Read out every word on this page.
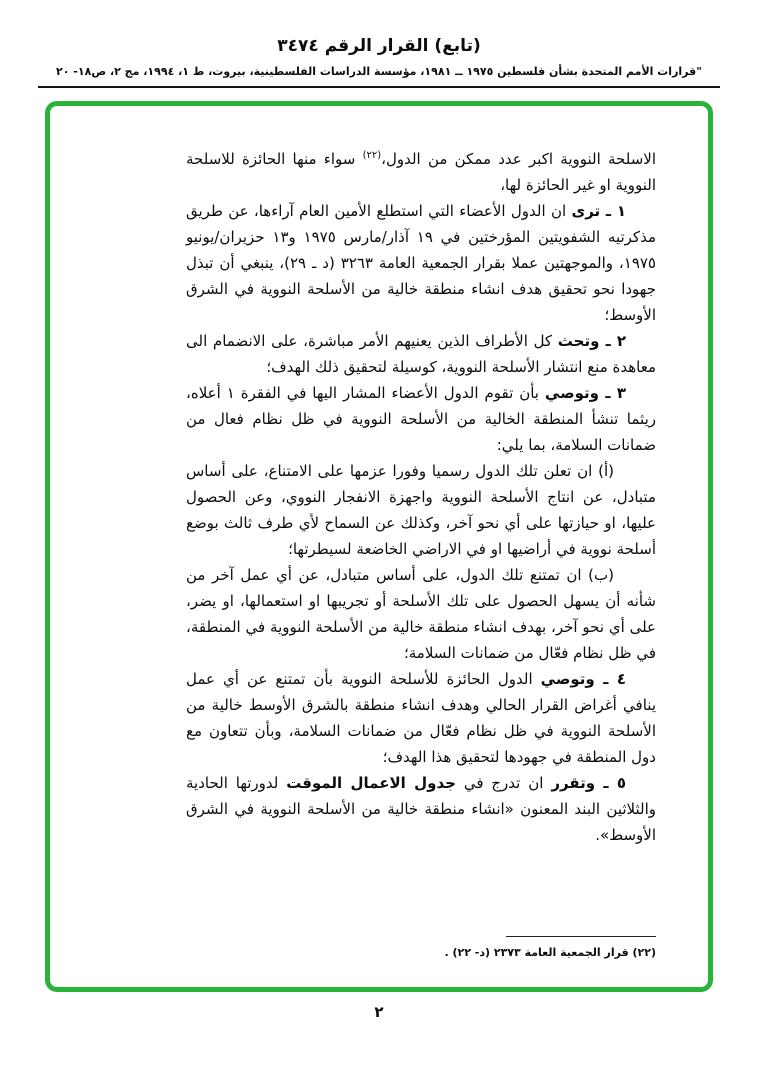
(تابع) القرار الرقم ٣٤٧٤
"قرارات الأمم المتحدة بشأن فلسطين ١٩٧٥ ــ ١٩٨١، مؤسسة الدراسات الفلسطينية، بيروت، ط ١، ١٩٩٤، مج ٢، ص١٨- ٢٠

الاسلحة النووية اكبر عدد ممكن من الدول،$^{(٢٢)}$ سواء منها الحائزة للاسلحة النووية او غير الحائزة لها،

١ ـ ترى ان الدول الأعضاء التي استطلع الأمين العام آراءها، عن طريق مذكرتيه الشفويتين المؤرختين في ١٩ آذار/مارس ١٩٧٥ و١٣ حزيران/يونيو ١٩٧٥، والموجهتين عملا بقرار الجمعية العامة ٣٢٦٣ (د ـ ٢٩)، ينبغي أن تبذل جهودا نحو تحقيق هدف انشاء منطقة خالية من الأسلحة النووية في الشرق الأوسط؛

٢ ـ وتحث كل الأطراف الذين يعنيهم الأمر مباشرة، على الانضمام الى معاهدة منع انتشار الأسلحة النووية، كوسيلة لتحقيق ذلك الهدف؛

٣ ـ وتوصي بأن تقوم الدول الأعضاء المشار اليها في الفقرة ١ أعلاه، ريثما تنشأ المنطقة الخالية من الأسلحة النووية في ظل نظام فعال من ضمانات السلامة، بما يلي:

(أ) ان تعلن تلك الدول رسميا وفورا عزمها على الامتناع، على أساس متبادل، عن انتاج الأسلحة النووية واجهزة الانفجار النووي، وعن الحصول عليها، او حيازتها على أي نحو آخر، وكذلك عن السماح لأي طرف ثالث بوضع أسلحة نووية في أراضيها او في الاراضي الخاضعة لسيطرتها؛

(ب) ان تمتنع تلك الدول، على أساس متبادل، عن أي عمل آخر من شأنه أن يسهل الحصول على تلك الأسلحة أو تجريبها او استعمالها، او يضر، على أي نحو آخر، بهدف انشاء منطقة خالية من الأسلحة النووية في المنطقة، في ظل نظام فعّال من ضمانات السلامة؛

٤ ـ وتوصي الدول الحائزة للأسلحة النووية بأن تمتنع عن أي عمل ينافي أغراض القرار الحالي وهدف انشاء منطقة بالشرق الأوسط خالية من الأسلحة النووية في ظل نظام فعّال من ضمانات السلامة، وبأن تتعاون مع دول المنطقة في جهودها لتحقيق هذا الهدف؛

٥ ـ وتقرر ان تدرج في جدول الاعمال الموقت لدورتها الحادية والثلاثين البند المعنون «انشاء منطقة خالية من الأسلحة النووية في الشرق الأوسط».

(٢٢) قرار الجمعية العامة ٢٣٧٣ (د- ٢٢) .
٢
